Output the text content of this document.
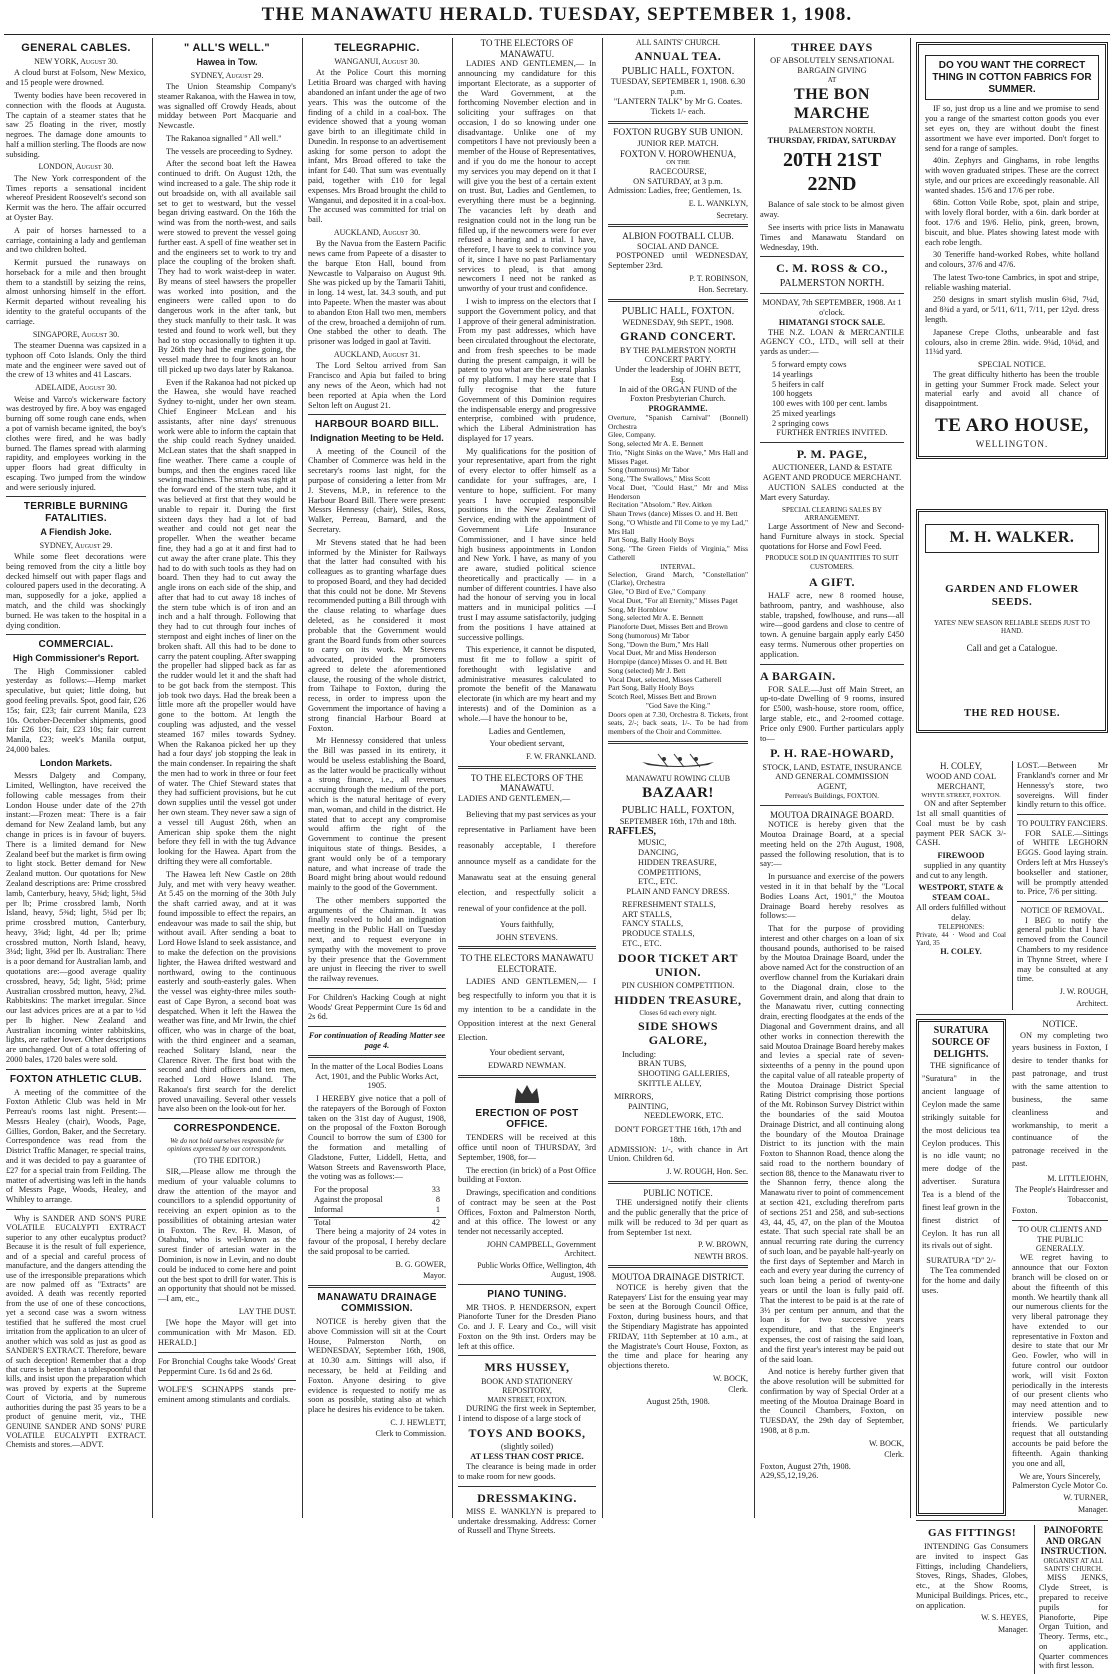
THE MANAWATU HERALD. TUESDAY, SEPTEMBER 1, 1908.
GENERAL CABLES.
NEW YORK, August 30.

A cloud burst at Folsom, New Mexico, and 15 people were drowned.

Twenty bodies have been recovered in connection with the floods at Augusta. The captain of a steamer states that he saw 25 floating in the river, mostly negroes. The damage done amounts to half a million sterling. The floods are now subsiding.

LONDON, August 30.

The New York correspondent of the Times reports a sensational incident whereof President Roosevelt's second son Kermit was the hero. The affair occurred at Oyster Bay.

A pair of horses harnessed to a carriage, containing a lady and gentleman and two children bolted.

Kermit pursued the runaways on horseback for a mile and then brought them to a standstill by seizing the reins, almost unhorsing himself in the effort. Kermit departed without revealing his identity to the grateful occupants of the carriage.

SINGAPORE, August 30.

The steamer Duenna was capsized in a typhoon off Coto Islands. Only the third mate and the engineer were saved out of the crew of 13 whites and 41 Lascars.

ADELAIDE, August 30.

Weise and Varco's wickerware factory was destroyed by fire. A boy was engaged burning off some rough cane ends, when a pot of varnish became ignited, the boy's clothes were fired, and he was badly burned. The flames spread with alarming rapidity, and employees working in the upper floors had great difficulty in escaping. Two jumped from the window and were seriously injured.

TERRIBLE BURNING FATALITIES.
A Fiendish Joke.
SYDNEY, August 29.

While some fleet decorations were being removed from the city a little boy decked himself out with paper flags and coloured papers used in the decorating. A man, supposedly for a joke, applied a match, and the child was shockingly burned. He was taken to the hospital in a dying condition.

COMMERCIAL.
High Commissioner's Report.

The High Commissioner cabled yesterday as follows:—Hemp market speculative, but quiet; little doing, but good feeling prevails. Spot, good fair, £26 15s; fair, £23; fair current Manila, £23 10s. October-December shipments, good fair £26 10s; fair, £23 10s; fair current Manila, £23; week's Manila output, 24,000 bales.

London Markets.

Messrs Dalgety and Company, Limited, Wellington, have received the following cable messages from their London House under date of the 27th instant:—Frozen meat: There is a fair demand for New Zealand lamb, but any change in prices is in favour of buyers. There is a limited demand for New Zealand beef but the market is firm owing to light stock. Better demand for New Zealand mutton. Our quotations for New Zealand descriptions are: Prime crossbred lamb, Canterbury, heavy, 5⅜d; light, 5⅜d per lb; Prime crossbred lamb, North Island, heavy, 5⅜d; light, 5¼d per lb; prime crossbred mutton, Canterbury, heavy, 3⅝d; light, 4d per lb; prime crossbred mutton, North Island, heavy, 3¼d; light, 3⅝d per lb. Australian: There is a poor demand for Australian lamb, and quotations are:—good average quality crossbred, heavy, 5d; light, 5¼d; prime Australian crossbred mutton, heavy, 2⅞d. Rabbitskins: The market irregular. Since our last advices prices are at a par to ½d per lb higher. New Zealand and Australian incoming winter rabbitskins, lights, are rather lower. Other descriptions are unchanged. Out of a total offering of 2000 bales, 1720 bales were sold.

FOXTON ATHLETIC CLUB.

A meeting of the committee of the Foxton Athletic Club was held in Mr Perreau's rooms last night. Present:—Messrs Healey (chair), Woods, Page, Gillies, Gordon, Baker, and the Secretary. Correspondence was read from the District Traffic Manager, re special trains, and it was decided to pay a guarantee of £27 for a special train from Feilding. The matter of advertising was left in the hands of Messrs Page, Woods, Healey, and Whibley to arrange.

Why is SANDER AND SON'S PURE VOLATILE EUCALYPTI EXTRACT superior to any other eucalyptus product? Because it is the result of full experience, and of a special and careful process of manufacture, and the dangers attending the use of the irresponsible preparations which are now palmed off as "Extracts" are avoided. A death was recently reported from the use of one of these concoctions, yet a second case was a sworn witness testified that he suffered the most cruel irritation from the application to an ulcer of another which was sold as just as good as SANDER'S EXTRACT. Therefore, beware of such deception! Remember that a drop that cures is better than a tablespoonful that kills, and insist upon the preparation which was proved by experts at the Supreme Court of Victoria, and by numerous authorities during the past 35 years to be a product of genuine merit, viz., THE GENUINE SANDER AND SONS' PURE VOLATILE EUCALYPTI EXTRACT. Chemists and stores.—ADVT.

" ALL'S WELL."
Hawea in Tow.
SYDNEY, August 29.

The Union Steamship Company's steamer Rakanoa, with the Hawea in tow, was signalled off Crowdy Heads, about midday between Port Macquarie and Newcastle.

The Rakanoa signalled " All well."

The vessels are proceeding to Sydney.

After the second boat left the Hawea continued to drift. On August 12th, the wind increased to a gale. The ship rode it out broadside on, with all available sail set to get to westward, but the vessel began driving eastward. On the 16th the wind was from the north-west, and sails were stowed to prevent the vessel going further east. A spell of fine weather set in and the engineers set to work to try and place the coupling of the broken shaft. They had to work waist-deep in water. By means of steel hawsers the propeller was worked into position, and the engineers were called upon to do dangerous work in the after tank, but they stuck manfully to their task. It was tested and found to work well, but they had to stop occasionally to tighten it up. By 26th they had the engines going, the vessel made three to four knots an hour till picked up two days later by Rakanoa.

Even if the Rakanoa had not picked up the Hawea, she would have reached Sydney to-night, under her own steam. Chief Engineer McLean and his assistants, after nine days' strenuous work were able to inform the captain that the ship could reach Sydney unaided. McLean states that the shaft snapped in fine weather. There came a couple of bumps, and then the engines raced like sewing machines. The smash was right at the forward end of the stern tube, and it was believed at first that they would be unable to repair it. During the first sixteen days they had a lot of bad weather and could not get near the propeller. When the weather became fine, they had a go at it and first had to cut away the after crane plate. This they had to do with such tools as they had on board. Then they had to cut away the angle irons on each side of the ship, and after that had to cut away 18 inches of the stern tube which is of iron and an inch and a half through. Following that they had to cut through four inches of sternpost and eight inches of liner on the broken shaft. All this had to be done to carry the patent coupling. After swapping the propeller had slipped back as far as the rudder would let it and the shaft had to be got back from the sternpost. This job took two days. Had the break been a little more aft the propeller would have gone to the bottom. At length the coupling was adjusted, and the vessel steamed 167 miles towards Sydney. When the Rakanoa picked her up they had a four days' job stopping the leak in the main condenser. In repairing the shaft the men had to work in three or four feet of water. The Chief Steward states that they had sufficient provisions, but he cut down supplies until the vessel got under her own steam. They never saw a sign of a vessel till August 26th, when an American ship spoke them the night before they fell in with the tug Advance looking for the Hawea. Apart from the drifting they were all comfortable.

The Hawea left New Castle on 28th July, and met with very heavy weather. At 5.45 on the morning of the 30th July the shaft carried away, and at it was found impossible to effect the repairs, an endeavour was made to sail the ship, but without avail. After sending a boat to Lord Howe Island to seek assistance, and to make the defection on the provisions lighter, the Hawea drifted westward and northward, owing to the continuous easterly and south-easterly gales. When the vessel was eighty-three miles south-east of Cape Byron, a second boat was despatched. When it left the Hawea the weather was fine, and Mr Irwin, the chief officer, who was in charge of the boat, with the third engineer and a seaman, reached Solitary Island, near the Clarence River. The first boat with the second and third officers and ten men, reached Lord Howe Island. The Rakanoa's first search for the derelict proved unavailing. Several other vessels have also been on the look-out for her.

CORRESPONDENCE.
We do not hold ourselves responsible for opinions expressed by our correspondents.
(TO THE EDITOR.)

SIR,—Please allow me through the medium of your valuable columns to draw the attention of the mayor and councillors to a splendid opportunity of receiving an expert opinion as to the possibilities of obtaining artesian water in Foxton. The Rev. H. Mason, of Otahuhu, who is well-known as the surest finder of artesian water in the Dominion, is now in Levin, and no doubt could be induced to come here and point out the best spot to drill for water. This is an opportunity that should not be missed.—I am, etc.,

LAY THE DUST.

[We hope the Mayor will get into communication with Mr Mason. ED. HERALD.]

For Bronchial Coughs take Woods' Great Peppermint Cure. 1s 6d and 2s 6d.

WOLFE'S SCHNAPPS stands pre-eminent among stimulants and cordials.

TELEGRAPHIC.
WANGANUI, August 30.

At the Police Court this morning Letitia Broard was charged with having abandoned an infant under the age of two years. This was the outcome of the finding of a child in a coal-box. The evidence showed that a young woman gave birth to an illegitimate child in Dunedin. In response to an advertisement asking for some person to adopt the infant, Mrs Broad offered to take the infant for £40. That sum was eventually paid, together with £10 for legal expenses. Mrs Broad brought the child to Wanganui, and deposited it in a coal-box. The accused was committed for trial on bail.

AUCKLAND, August 30.

By the Navua from the Eastern Pacific news came from Papeete of a disaster to the barque Eton Hall, bound from Newcastle to Valparaiso on August 9th. She was picked up by the Tamarii Tahiti, in long. 14 west, lat. 34.3 south, and put into Papeete. When the master was about to abandon Eton Hall two men, members of the crew, broached a demijohn of rum. One stabbed the other to death. The prisoner was lodged in gaol at Taviti.

AUCKLAND, August 31.

The Lord Seltou arrived from San Francisco and Apia but failed to bring any news of the Aeon, which had not been reported at Apia when the Lord Selton left on August 21.

HARBOUR BOARD BILL.
Indignation Meeting to be Held.

A meeting of the Council of the Chamber of Commerce was held in the secretary's rooms last night, for the purpose of considering a letter from Mr J. Stevens, M.P., in reference to the Harbour Board Bill. There were present: Messrs Hennessy (chair), Stiles, Ross, Walker, Perreau, Barnard, and the Secretary.

Mr Stevens stated that he had been informed by the Minister for Railways that the latter had consulted with his colleagues as to granting wharfage dues to proposed Board, and they had decided that this could not be done. Mr Stevens recommended putting a Bill through with the clause relating to wharfage dues deleted, as he considered it most probable that the Government would grant the Board funds from other sources to carry on its work. Mr Stevens advocated, provided the promoters agreed to delete the aforementioned clause, the rousing of the whole district, from Taihape to Foxton, during the recess, in order to impress upon the Government the importance of having a strong financial Harbour Board at Foxton.

Mr Hennessy considered that unless the Bill was passed in its entirety, it would be useless establishing the Board, as the latter would be practically without a strong finance, i.e., all revenues accruing through the medium of the port, which is the natural heritage of every man, woman, and child in the district. He stated that to accept any compromise would affirm the right of the Government to continue the present iniquitous state of things. Besides, a grant would only be of a temporary nature, and what increase of trade the Board might bring about would redound mainly to the good of the Government.

The other members supported the arguments of the Chairman. It was finally resolved to hold an indignation meeting in the Public Hall on Tuesday next, and to request everyone in sympathy with the movement to prove by their presence that the Government are unjust in fleecing the river to swell the railway revenues.

For Children's Hacking Cough at night Woods' Great Peppermint Cure 1s 6d and 2s 6d.

For continuation of Reading Matter see page 4.

In the matter of the Local Bodies Loans Act, 1901, and the Public Works Act, 1905.

I HEREBY give notice that a poll of the ratepayers of the Borough of Foxton taken on the 31st day of August, 1908, on the proposal of the Foxton Borough Council to borrow the sum of £300 for the formation and metalling of Gladstone, Futter, Liddell, Hetta, and Watson Streets and Ravensworth Place, the voting was as follows:—

For the proposal	33
Against the proposal	8
Informal	1
Total	42

There being a majority of 24 votes in favour of the proposal, I hereby declare the said proposal to be carried.

B. G. GOWER,
Mayor.
MANAWATU DRAINAGE COMMISSION.

NOTICE is hereby given that the above Commission will sit at the Court House, Palmerston North, on WEDNESDAY, September 16th, 1908, at 10.30 a.m. Sittings will also, if necessary, be held at Feilding and Foxton. Anyone desiring to give evidence is requested to notify me as soon as possible, stating also at which place he desires his evidence to be taken.

C. J. HEWLETT,
Clerk to Commission.
TO THE ELECTORS OF MANAWATU.

LADIES AND GENTLEMEN,— In announcing my candidature for this important Electorate, as a supporter of the Ward Government, at the forthcoming November election and in soliciting your suffrages on that occasion, I do so knowing under one disadvantage. Unlike one of my competitors I have not previously been a member of the House of Representatives, and if you do me the honour to accept my services you may depend on it that I will give you the best of a certain extent on trust. But, Ladies and Gentlemen, to everything there must be a beginning. The vacancies left by death and resignation could not in the long run be filled up, if the newcomers were for ever refused a hearing and a trial. I have, therefore, I have to seek to convince you of it, since I have no past Parliamentary services to plead, is that among newcomers I need not be ranked as unworthy of your trust and confidence.

I wish to impress on the electors that I support the Government policy, and that I approve of their general administration. From my past addresses, which have been circulated throughout the electorate, and from fresh speeches to be made during the present campaign, it will be patent to you what are the several planks of my platform. I may here state that I fully recognise that the future Government of this Dominion requires the indispensable energy and progressive enterprise, combined with prudence, which the Liberal Administration has displayed for 17 years.

My qualifications for the position of your representative, apart from the right of every elector to offer himself as a candidate for your suffrages, are, I venture to hope, sufficient. For many years I have occupied responsible positions in the New Zealand Civil Service, ending with the appointment of Government Life Insurance Commissioner, and I have since held high business appointments in London and New York. I have, as many of you are aware, studied political science theoretically and practically — in a number of different countries. I have also had the honour of serving you in local matters and in municipal politics —I trust I may assume satisfactorily, judging from the positions I have attained at successive pollings.

This experience, it cannot be disputed, must fit me to follow a spirit of forethought with legislative and administrative measures calculated to promote the benefit of the Manawatu electorate (in which are my heart and my interests) and of the Dominion as a whole.—I have the honour to be,

Ladies and Gentlemen,

Your obedient servant,

F. W. FRANKLAND.
TO THE ELECTORS OF THE MANAWATU.

LADIES AND GENTLEMEN,—

Believing that my past services as your representative in Parliament have been reasonably acceptable, I therefore announce myself as a candidate for the Manawatu seat at the ensuing general election, and respectfully solicit a renewal of your confidence at the poll.

Yours faithfully,

JOHN STEVENS.
TO THE ELECTORS MANAWATU ELECTORATE.

LADIES AND GENTLEMEN,— I beg respectfully to inform you that it is my intention to be a candidate in the Opposition interest at the next General Election.

Your obedient servant,

EDWARD NEWMAN.
ERECTION OF POST OFFICE.

TENDERS will be received at this office until noon of THURSDAY, 3rd September, 1908, for—

The erection (in brick) of a Post Office building at Foxton.

Drawings, specification and conditions of contract may be seen at the Post Offices, Foxton and Palmerston North, and at this office. The lowest or any tender not necessarily accepted.

JOHN CAMPBELL, Government Architect.
Public Works Office, Wellington, 4th August, 1908.
PIANO TUNING.

MR THOS. P. HENDERSON, expert Pianoforte Tuner for the Dresden Piano Co. and J. F. Leary and Co., will visit Foxton on the 9th inst. Orders may be left at this office.

MRS HUSSEY,
BOOK AND STATIONERY REPOSITORY,
MAIN STREET, FOXTON.

DURING the first week in September, I intend to dispose of a large stock of

TOYS AND BOOKS,
(slightly soiled)
AT LESS THAN COST PRICE.

The clearance is being made in order to make room for new goods.

DRESSMAKING.

MISS E. WANKLYN is prepared to undertake dressmaking. Address: Corner of Russell and Thyne Streets.

ALL SAINTS' CHURCH.
ANNUAL TEA.
PUBLIC HALL, FOXTON.
TUESDAY, SEPTEMBER 1, 1908. 6.30 p.m.
"LANTERN TALK" by Mr G. Coates.
Tickets 1/- each.
FOXTON RUGBY SUB UNION.
JUNIOR REP. MATCH.
FOXTON V. HOROWHENUA,
ON THE
RACECOURSE,
ON SATURDAY, at 3 p.m.

Admission: Ladies, free; Gentlemen, 1s.

E. L. WANKLYN,
Secretary.
ALBION FOOTBALL CLUB.
SOCIAL AND DANCE.

POSTPONED until WEDNESDAY, September 23rd.

P. T. ROBINSON,
Hon. Secretary.
PUBLIC HALL, FOXTON.
WEDNESDAY, 9th SEPT., 1908.
GRAND CONCERT.
BY THE PALMERSTON NORTH CONCERT PARTY.
Under the leadership of JOHN BETT, Esq.
In aid of the ORGAN FUND of the Foxton Presbyterian Church.
PROGRAMME.
Overture, "Spanish Carnival" (Bonnell) Orchestra
Glee, Company.
Song, selected Mr A. E. Bennett
Trio, "Night Sinks on the Wave," Mrs Hall and Misses Paget.
Song (humorous) Mr Tabor
Song, "The Swallows," Miss Scott
Vocal Duet, "Could Hast," Mr and Miss Henderson
Recitation "Absolom." Rev. Aitken
Shaun Trews (dance) Misses O. and H. Bett
Song, "O Whistle and I'll Come to ye my Lad," Mrs Hall
Part Song, Bally Hooly Boys
Song, "The Green Fields of Virginia," Miss Catherell
INTERVAL.
Selection, Grand March, "Constellation" (Clarke), Orchestra
Glee, "O Bird of Eve," Company
Vocal Duet, "For all Eternity," Misses Paget
Song, Mr Hornblow
Song, selected Mr A. E. Bennett
Pianoforte Duet, Misses Bett and Brown
Song (humorous) Mr Tabor
Song, "Down the Burn," Mrs Hall
Vocal Duet, Mr and Miss Henderson
Hornpipe (dance) Misses O. and H. Bett
Song (selected) Mr J. Bett
Vocal Duet, selected, Misses Catherell
Part Song, Bally Hooly Boys
Scotch Reel, Misses Bett and Brown
"God Save the King."

Doors open at 7.30, Orchestra 8. Tickets, front seats, 2/-; back seats, 1/-. To be had from members of the Choir and Committee.

MANAWATU ROWING CLUB
BAZAAR!
PUBLIC HALL, FOXTON,
SEPTEMBER 16th, 17th and 18th.
RAFFLES,
MUSIC,
DANCING,
HIDDEN TREASURE,
COMPETITIONS,
ETC., ETC.
PLAIN AND FANCY DRESS.
REFRESHMENT STALLS,
ART STALLS,
FANCY STALLS,
PRODUCE STALLS,
ETC., ETC.
DOOR TICKET ART UNION.
PIN CUSHION COMPETITION.
HIDDEN TREASURE,
Closes 6d each every night.
SIDE SHOWS GALORE,
Including:
BRAN TUBS,
SHOOTING GALLERIES,
SKITTLE ALLEY,
MIRRORS,
PAINTING,
NEEDLEWORK, ETC.
DON'T FORGET THE 16th, 17th and 18th.

ADMISSION: 1/-, with chance in Art Union. Children 6d.

J. W. ROUGH, Hon. Sec.
PUBLIC NOTICE.

THE undersigned notify their clients and the public generally that the price of milk will be reduced to 3d per quart as from September 1st next.

P. W. BROWN,
NEWTH BROS.
MOUTOA DRAINAGE DISTRICT.

NOTICE is hereby given that the Ratepayers' List for the ensuing year may be seen at the Borough Council Office, Foxton, during business hours, and that the Stipendiary Magistrate has appointed FRIDAY, 11th September at 10 a.m., at the Magistrate's Court House, Foxton, as the time and place for hearing any objections thereto.

W. BOCK,
Clerk.
August 25th, 1908.
THREE DAYS
OF ABSOLUTELY SENSATIONAL BARGAIN GIVING
AT
THE BON MARCHE
PALMERSTON NORTH.
THURSDAY, FRIDAY, SATURDAY
20TH 21ST 22ND

Balance of sale stock to be almost given away.

See inserts with price lists in Manawatu Times and Manawatu Standard on Wednesday, 19th.

C. M. ROSS & CO.,
PALMERSTON NORTH.
MONDAY, 7th SEPTEMBER, 1908. At 1 o'clock.
HIMATANGI STOCK SALE.

THE N.Z. LOAN & MERCANTILE AGENCY CO., LTD., will sell at their yards as under:—

5 forward empty cows
14 yearlings
5 heifers in calf
100 hoggets
100 ewes with 100 per cent. lambs
25 mixed yearlings
2 springing cows
FURTHER ENTRIES INVITED.
P. M. PAGE,
AUCTIONEER, LAND & ESTATE AGENT AND PRODUCE MERCHANT.

AUCTION SALES conducted at the Mart every Saturday.

SPECIAL CLEARING SALES BY ARRANGEMENT.

Large Assortment of New and Second-hand Furniture always in stock. Special quotations for Horse and Fowl Feed.

PRODUCE SOLD IN QUANTITIES TO SUIT CUSTOMERS.
A GIFT.

HALF acre, new 8 roomed house, bathroom, pantry, and washhouse, also stable, trapshed, fowlhouse, and runs—all wire—good gardens and close to centre of town. A genuine bargain apply early £450 easy terms. Numerous other properties on application.

A BARGAIN.

FOR SALE.—Just off Main Street, an up-to-date Dwelling of 9 rooms, insured for £500, wash-house, store room, office, large stable, etc., and 2-roomed cottage. Price only £900. Further particulars apply to—

P. H. RAE-HOWARD,
STOCK, LAND, ESTATE, INSURANCE AND GENERAL COMMISSION AGENT,
Perreau's Buildings, FOXTON.
MOUTOA DRAINAGE BOARD.

NOTICE is hereby given that the Moutoa Drainage Board, at a special meeting held on the 27th August, 1908, passed the following resolution, that is to say:—

In pursuance and exercise of the powers vested in it in that behalf by the "Local Bodies Loans Act, 1901," the Moutoa Drainage Board hereby resolves as follows:—

That for the purpose of providing interest and other charges on a loan of six thousand pounds, authorised to be raised by the Moutoa Drainage Board, under the above named Act for the construction of an overflow channel from the Kuriakari drain to the Diagonal drain, close to the Government drain, and along that drain to the Manawatu river, cutting connecting drain, erecting floodgates at the ends of the Diagonal and Government drains, and all other works in connection therewith the said Moutoa Drainage Board hereby makes and levies a special rate of seven-sixteenths of a penny in the pound upon the capital value of all rateable property of the Moutoa Drainage District Special Rating District comprising those portions of the Mt. Robinson Survey District within the boundaries of the said Moutoa Drainage District, and all continuing along the boundary of the Moutoa Drainage District to its junction with the main Foxton to Shannon Road, thence along the said road to the northern boundary of section 88, thence to the Manawatu river to the Shannon ferry, thence along the Manawatu river to point of commencement at section 421, excluding therefrom parts of sections 251 and 258, and sub-sections 43, 44, 45, 47, on the plan of the Moutoa estate. That such special rate shall be an annual recurring rate during the currency of such loan, and be payable half-yearly on the first days of September and March in each and every year during the currency of such loan being a period of twenty-one years or until the loan is fully paid off. That the interest to be paid is at the rate of 3½ per centum per annum, and that the loan is for two successive years expenditure, and that the Engineer's expenses, the cost of raising the said loan, and the first year's interest may be paid out of the said loan.

And notice is hereby further given that the above resolution will be submitted for confirmation by way of Special Order at a meeting of the Moutoa Drainage Board in the Council Chambers, Foxton, on TUESDAY, the 29th day of September, 1908, at 8 p.m.

W. BOCK,
Clerk.
Foxton, August 27th, 1908.
A29,S5,12,19,26.
DO YOU WANT THE CORRECT THING IN COTTON FABRICS FOR SUMMER.

IF so, just drop us a line and we promise to send you a range of the smartest cotton goods you ever set eyes on, they are without doubt the finest assortment we have ever imported. Don't forget to send for a range of samples.

40in. Zephyrs and Ginghams, in robe lengths with woven graduated stripes. These are the correct style, and our prices are exceedingly reasonable. All wanted shades. 15/6 and 17/6 per robe.

68in. Cotton Voile Robe, spot, plain and stripe, with lovely floral border, with a 6in. dark border at foot. 17/6 and 19/6. Helio, pink, green, brown, biscuit, and blue. Plates showing latest mode with each robe length.

30 Teneriffe hand-worked Robes, white holland and colours, 37/6 and 47/6.

The latest Two-tone Cambrics, in spot and stripe, reliable washing material.

250 designs in smart stylish muslin 6¾d, 7¼d, and 8¾d a yard, or 5/11, 6/11, 7/11, per 12yd. dress length.

Japanese Crepe Cloths, unbearable and fast colours, also in creme 28in. wide. 9¼d, 10¼d, and 11¼d yard.

SPECIAL NOTICE.

The great difficulty hitherto has been the trouble in getting your Summer Frock made. Select your material early and avoid all chance of disappointment.

TE ARO HOUSE,
WELLINGTON.
M. H. WALKER.
GARDEN AND FLOWER SEEDS.
YATES' NEW SEASON RELIABLE SEEDS JUST TO HAND.
Call and get a Catalogue.
THE RED HOUSE.
H. COLEY,
WOOD AND COAL MERCHANT,
WHYTE STREET, FOXTON.

ON and after September 1st all small quantities of Coal must be by cash payment PER SACK 3/- CASH.

FIREWOOD

supplied in any quantity and cut to any length.

WESTPORT, STATE & STEAM COAL.
All orders fulfilled without delay.
TELEPHONES:
Private, 44 · Wood and Coal Yard, 35
H. COLEY.

LOST.—Between Mr Frankland's corner and Mr Hennessy's store, two sovereigns. Will finder kindly return to this office.

TO POULTRY FANCIERS.

FOR SALE.—Sittings of WHITE LEGHORN EGGS. Good laying strain. Orders left at Mrs Hussey's bookseller and stationer, will be promptly attended to. Price, 7/6 per sitting.

NOTICE OF REMOVAL.

I BEG to notify the general public that I have removed from the Council Chambers to my residence in Thynne Street, where I may be consulted at any time.

J. W. ROUGH,
Architect.
SURATURA SOURCE OF DELIGHTS.

THE significance of "Suratura" in the ancient language of Ceylon made the same strikingly suitable for the most delicious tea Ceylon produces. This is no idle vaunt; no mere dodge of the advertiser. Suratura Tea is a blend of the finest leaf grown in the finest district of Ceylon. It has run all its rivals out of sight.

SURATURA "D" 2/-

The Tea commended for the home and daily uses.

NOTICE.

ON my completing two years business in Foxton, I desire to tender thanks for past patronage, and trust with the same attention to business, the same cleanliness and workmanship, to merit a continuance of the patronage received in the past.

M. LITTLEJOHN,
The People's Hairdresser and Tobacconist,
Foxton.
TO OUR CLIENTS AND THE PUBLIC GENERALLY.

WE regret having to announce that our Foxton branch will be closed on or about the fifteenth of this month. We heartily thank all our numerous clients for the very liberal patronage they have extended to our representative in Foxton and desire to state that our Mr Geo. Fowler, who will in future control our outdoor work, will visit Foxton periodically in the interests of our present clients who may need attention and to interview possible new friends. We particularly request that all outstanding accounts be paid before the fifteenth. Again thanking you one and all,

We are, Yours Sincerely,
Palmerston Cycle Motor Co.
W. TURNER,
Manager.
GAS FITTINGS!

INTENDING Gas Consumers are invited to inspect Gas Fittings, including Chandeliers, Stoves, Rings, Shades, Globes, etc., at the Show Rooms, Municipal Buildings. Prices, etc., on application.

W. S. HEYES,
Manager.
PAINOFORTE AND ORGAN INSTRUCTION.
ORGANIST AT ALL SAINTS' CHURCH.

MISS JENKS, Clyde Street, is prepared to receive pupils for Pianoforte, Pipe Organ Tuition, and Theory. Terms, etc., on application. Quarter commences with first lesson.
